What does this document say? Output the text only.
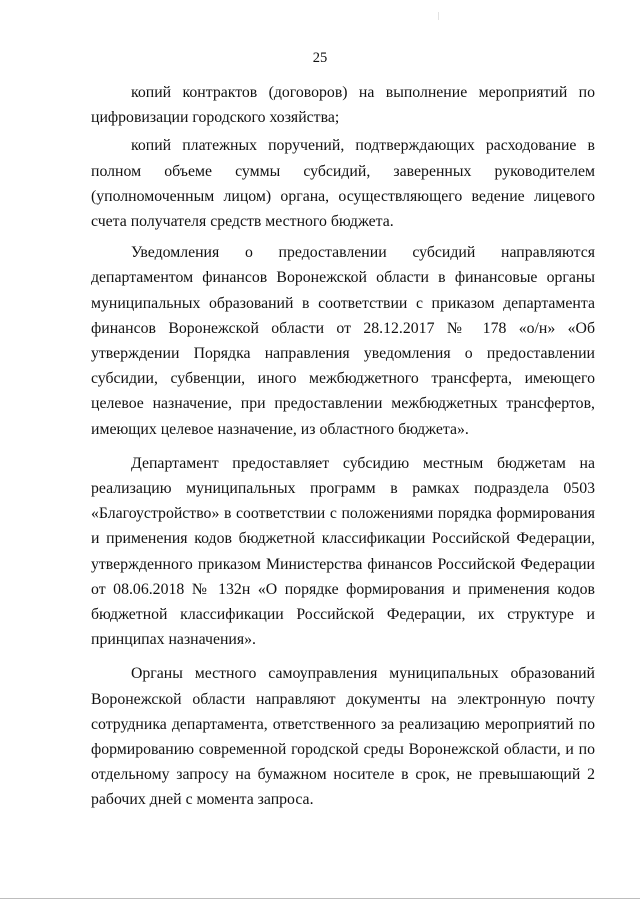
25

копий контрактов (договоров) на выполнение мероприятий по цифровизации городского хозяйства;

копий платежных поручений, подтверждающих расходование в полном объеме суммы субсидий, заверенных руководителем (уполномоченным лицом) органа, осуществляющего ведение лицевого счета получателя средств местного бюджета.

Уведомления о предоставлении субсидий направляются департаментом финансов Воронежской области в финансовые органы муниципальных образований в соответствии с приказом департамента финансов Воронежской области от 28.12.2017 № 178 «о/н» «Об утверждении Порядка направления уведомления о предоставлении субсидии, субвенции, иного межбюджетного трансферта, имеющего целевое назначение, при предоставлении межбюджетных трансфертов, имеющих целевое назначение, из областного бюджета».

Департамент предоставляет субсидию местным бюджетам на реализацию муниципальных программ в рамках подраздела 0503 «Благоустройство» в соответствии с положениями порядка формирования и применения кодов бюджетной классификации Российской Федерации, утвержденного приказом Министерства финансов Российской Федерации от 08.06.2018 № 132н «О порядке формирования и применения кодов бюджетной классификации Российской Федерации, их структуре и принципах назначения».

Органы местного самоуправления муниципальных образований Воронежской области направляют документы на электронную почту сотрудника департамента, ответственного за реализацию мероприятий по формированию современной городской среды Воронежской области, и по отдельному запросу на бумажном носителе в срок, не превышающий 2 рабочих дней с момента запроса.
